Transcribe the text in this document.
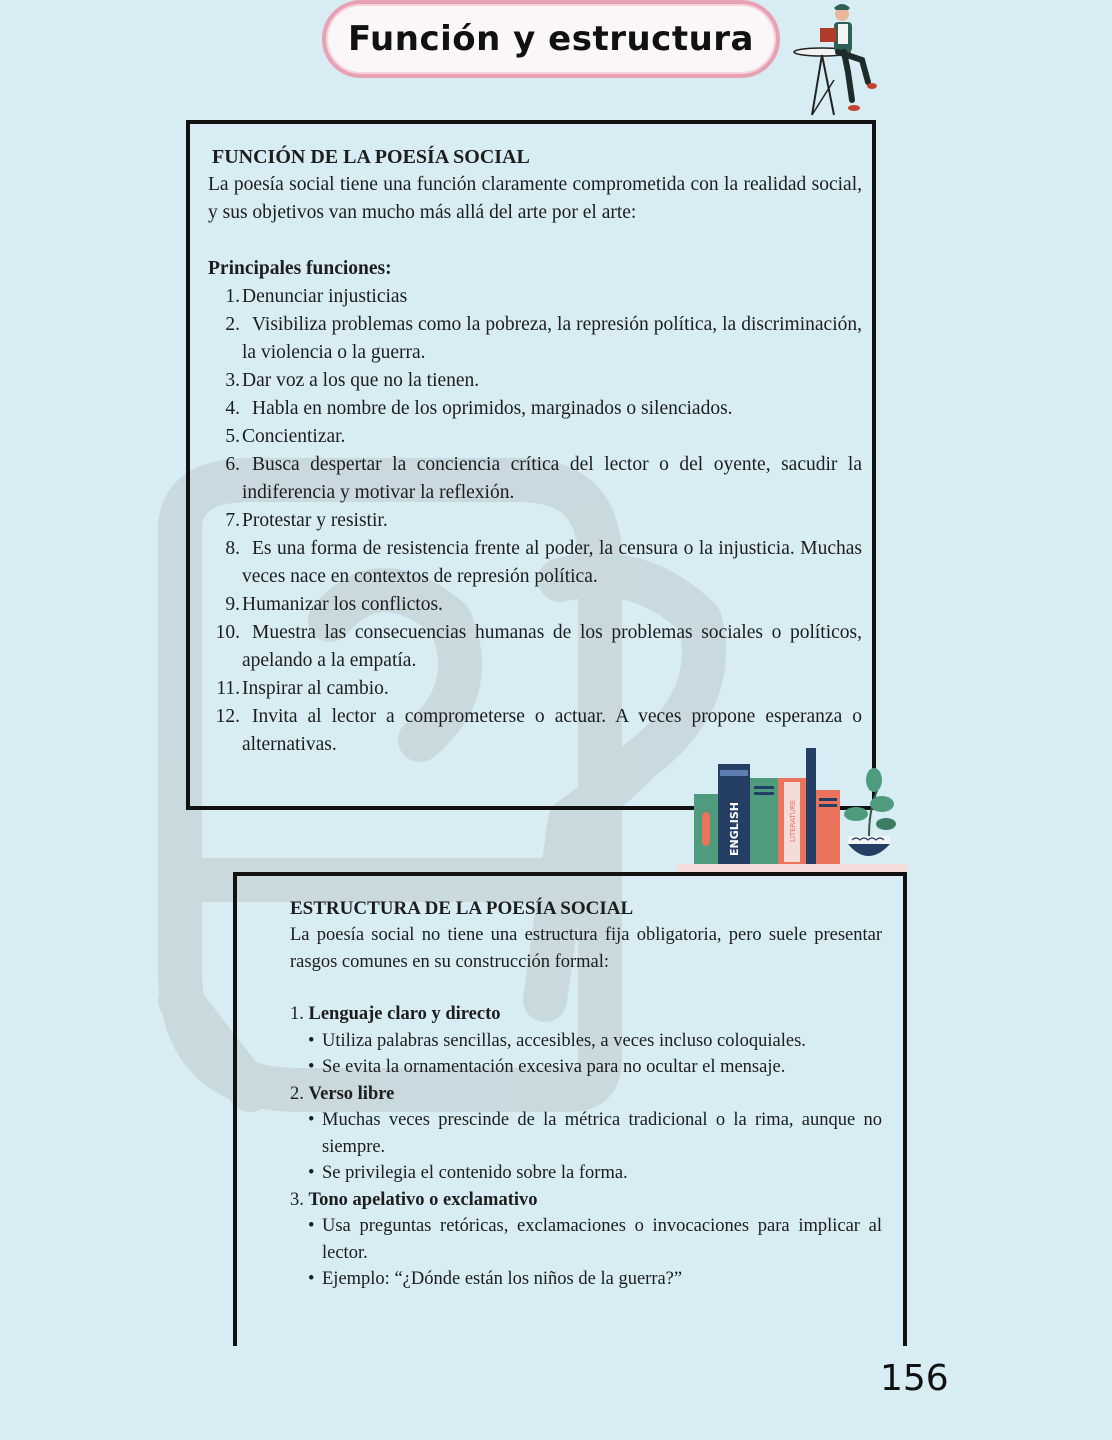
Función y estructura
FUNCIÓN DE LA POESÍA SOCIAL

La poesía social tiene una función claramente comprometida con la realidad social, y sus objetivos van mucho más allá del arte por el arte:

Principales funciones:
1. Denunciar injusticias
2. Visibiliza problemas como la pobreza, la represión política, la discriminación, la violencia o la guerra.
3. Dar voz a los que no la tienen.
4. Habla en nombre de los oprimidos, marginados o silenciados.
5. Concientizar.
6. Busca despertar la conciencia crítica del lector o del oyente, sacudir la indiferencia y motivar la reflexión.
7. Protestar y resistir.
8. Es una forma de resistencia frente al poder, la censura o la injusticia. Muchas veces nace en contextos de represión política.
9. Humanizar los conflictos.
10. Muestra las consecuencias humanas de los problemas sociales o políticos, apelando a la empatía.
11. Inspirar al cambio.
12. Invita al lector a comprometerse o actuar. A veces propone esperanza o alternativas.
ENGLISH	LITERATURE
ESTRUCTURA DE LA POESÍA SOCIAL

La poesía social no tiene una estructura fija obligatoria, pero suele presentar rasgos comunes en su construcción formal:

1. Lenguaje claro y directo
• Utiliza palabras sencillas, accesibles, a veces incluso coloquiales.
• Se evita la ornamentación excesiva para no ocultar el mensaje.
2. Verso libre
• Muchas veces prescinde de la métrica tradicional o la rima, aunque no siempre.
• Se privilegia el contenido sobre la forma.
3. Tono apelativo o exclamativo
• Usa preguntas retóricas, exclamaciones o invocaciones para implicar al lector.
• Ejemplo: “¿Dónde están los niños de la guerra?”
156
